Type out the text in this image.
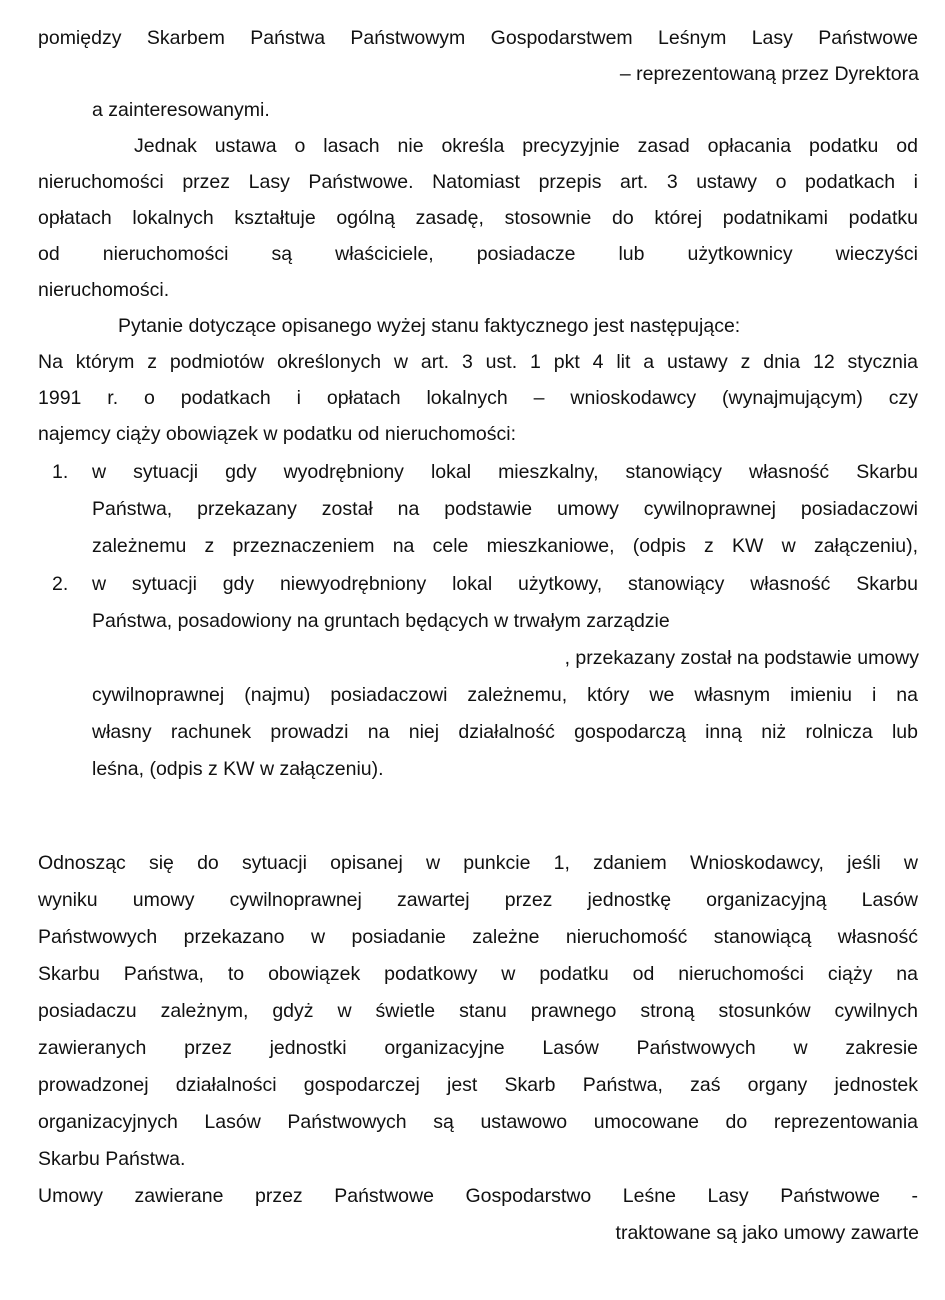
pomiędzy Skarbem Państwa Państwowym Gospodarstwem Leśnym Lasy Państwowe
– reprezentowaną przez Dyrektora
a zainteresowanymi.
Jednak ustawa o lasach nie określa precyzyjnie zasad opłacania podatku od
nieruchomości przez Lasy Państwowe. Natomiast przepis art. 3 ustawy o podatkach i
opłatach lokalnych kształtuje ogólną zasadę, stosownie do której podatnikami podatku
od nieruchomości są właściciele, posiadacze lub użytkownicy wieczyści
nieruchomości.
Pytanie dotyczące opisanego wyżej stanu faktycznego jest następujące:
Na którym z podmiotów określonych w art. 3 ust. 1 pkt 4 lit a ustawy z dnia 12 stycznia
1991 r. o podatkach i opłatach lokalnych – wnioskodawcy (wynajmującym) czy
najemcy ciąży obowiązek w podatku od nieruchomości:
1. w sytuacji gdy wyodrębniony lokal mieszkalny, stanowiący własność Skarbu
Państwa, przekazany został na podstawie umowy cywilnoprawnej posiadaczowi
zależnemu z przeznaczeniem na cele mieszkaniowe, (odpis z KW w załączeniu),
2. w sytuacji gdy niewyodrębniony lokal użytkowy, stanowiący własność Skarbu
Państwa, posadowiony na gruntach będących w trwałym zarządzie
, przekazany został na podstawie umowy
cywilnoprawnej (najmu) posiadaczowi zależnemu, który we własnym imieniu i na
własny rachunek prowadzi na niej działalność gospodarczą inną niż rolnicza lub
leśna, (odpis z KW w załączeniu).
Odnosząc się do sytuacji opisanej w punkcie 1, zdaniem Wnioskodawcy, jeśli w
wyniku umowy cywilnoprawnej zawartej przez jednostkę organizacyjną Lasów
Państwowych przekazano w posiadanie zależne nieruchomość stanowiącą własność
Skarbu Państwa, to obowiązek podatkowy w podatku od nieruchomości ciąży na
posiadaczu zależnym, gdyż w świetle stanu prawnego stroną stosunków cywilnych
zawieranych przez jednostki organizacyjne Lasów Państwowych w zakresie
prowadzonej działalności gospodarczej jest Skarb Państwa, zaś organy jednostek
organizacyjnych Lasów Państwowych są ustawowo umocowane do reprezentowania
Skarbu Państwa.
Umowy zawierane przez Państwowe Gospodarstwo Leśne Lasy Państwowe -
traktowane są jako umowy zawarte
